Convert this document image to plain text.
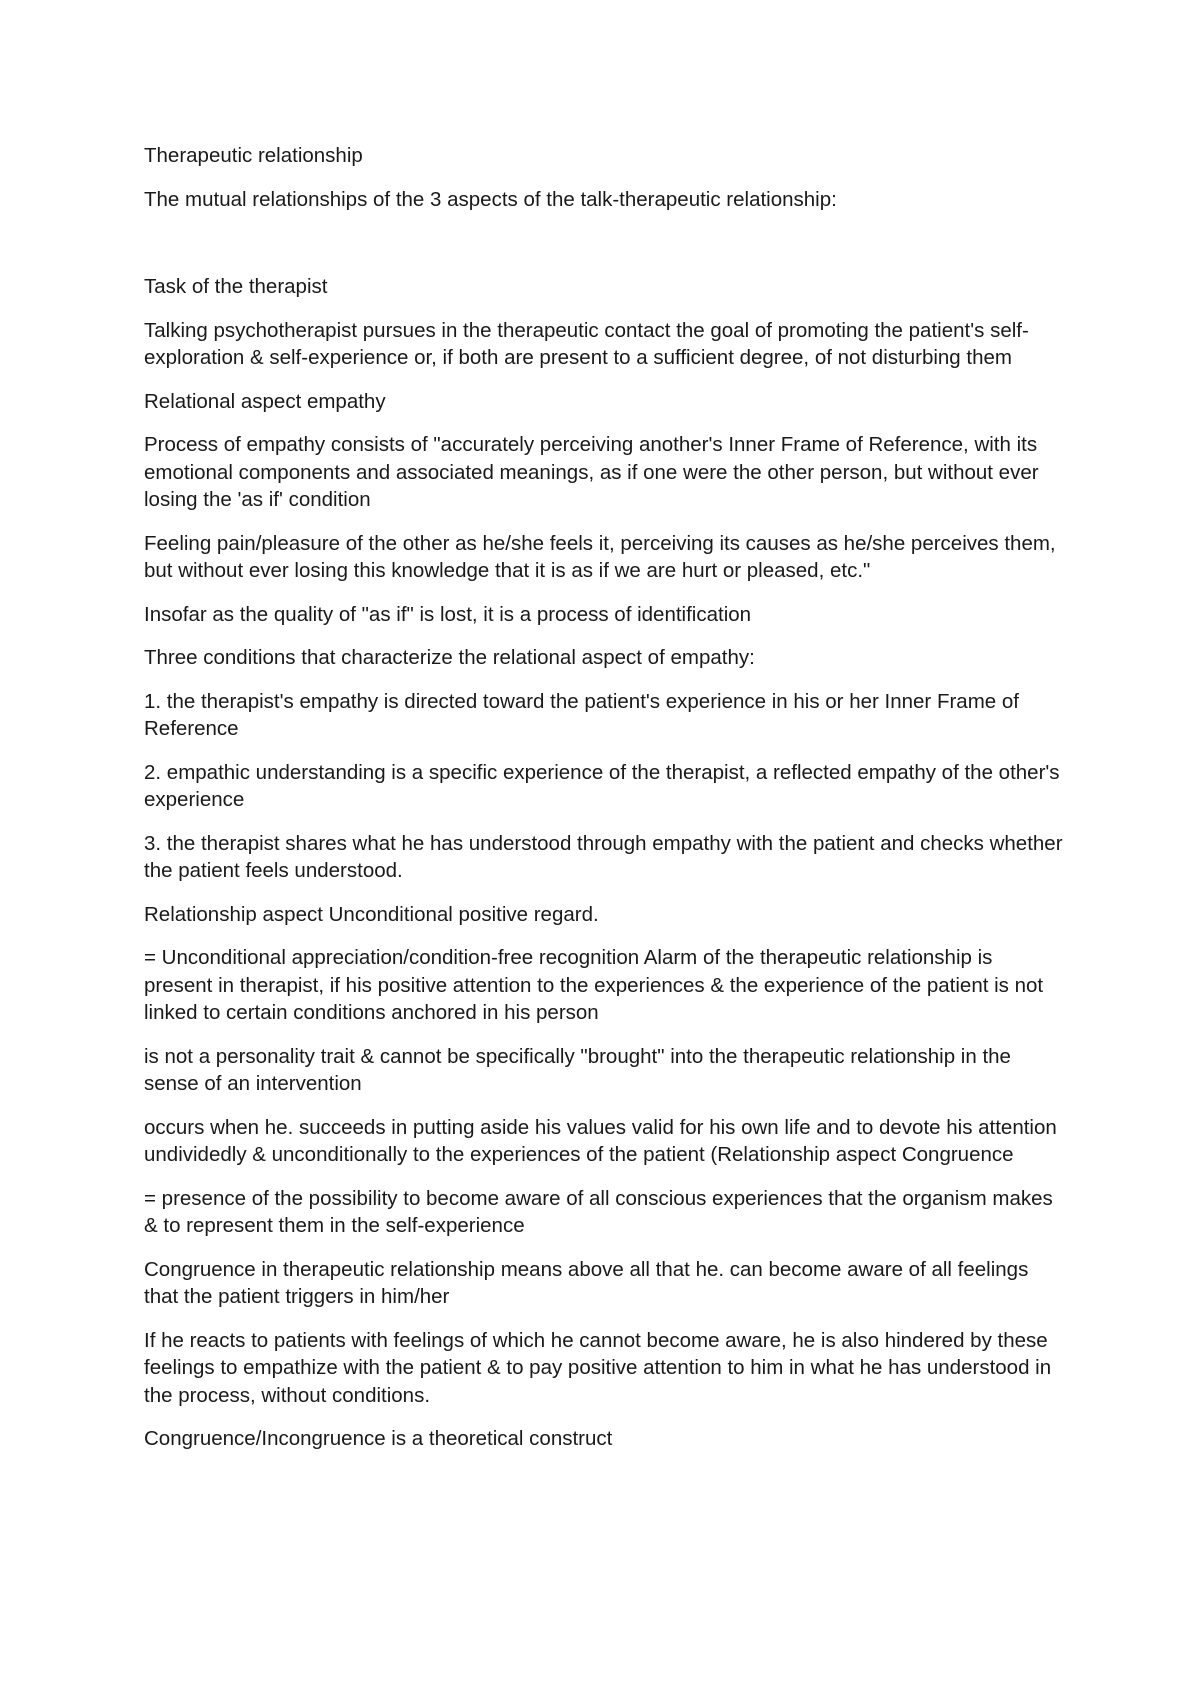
Therapeutic relationship

The mutual relationships of the 3 aspects of the talk-therapeutic relationship:

Task of the therapist

Talking psychotherapist pursues in the therapeutic contact the goal of promoting the patient's self-exploration & self-experience or, if both are present to a sufficient degree, of not disturbing them

Relational aspect empathy

Process of empathy consists of "accurately perceiving another's Inner Frame of Reference, with its emotional components and associated meanings, as if one were the other person, but without ever losing the 'as if' condition

Feeling pain/pleasure of the other as he/she feels it, perceiving its causes as he/she perceives them, but without ever losing this knowledge that it is as if we are hurt or pleased, etc."

Insofar as the quality of "as if" is lost, it is a process of identification

Three conditions that characterize the relational aspect of empathy:

1. the therapist's empathy is directed toward the patient's experience in his or her Inner Frame of Reference

2. empathic understanding is a specific experience of the therapist, a reflected empathy of the other's experience

3. the therapist shares what he has understood through empathy with the patient and checks whether the patient feels understood.

Relationship aspect Unconditional positive regard.

= Unconditional appreciation/condition-free recognition Alarm of the therapeutic relationship is present in therapist, if his positive attention to the experiences & the experience of the patient is not linked to certain conditions anchored in his person

is not a personality trait & cannot be specifically "brought" into the therapeutic relationship in the sense of an intervention

occurs when he. succeeds in putting aside his values valid for his own life and to devote his attention undividedly & unconditionally to the experiences of the patient (Relationship aspect Congruence

= presence of the possibility to become aware of all conscious experiences that the organism makes & to represent them in the self-experience

Congruence in therapeutic relationship means above all that he. can become aware of all feelings that the patient triggers in him/her

If he reacts to patients with feelings of which he cannot become aware, he is also hindered by these feelings to empathize with the patient & to pay positive attention to him in what he has understood in the process, without conditions.

Congruence/Incongruence is a theoretical construct
